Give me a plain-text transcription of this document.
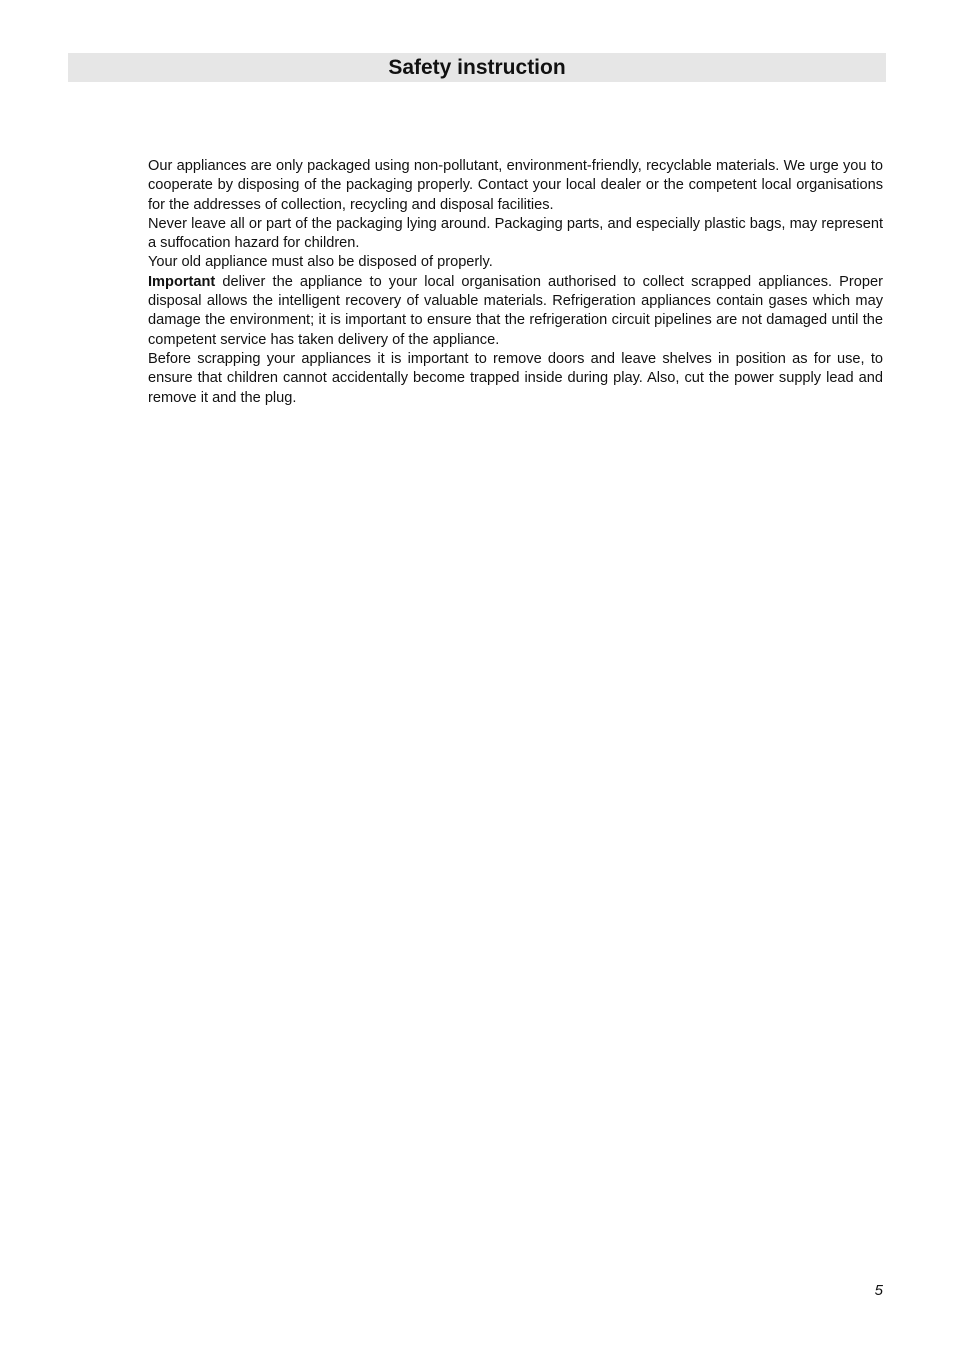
Safety instruction

Our appliances are only packaged using non-pollutant, environment-friendly, recyclable materials. We urge you to cooperate by disposing of the packaging properly. Contact your local dealer or the competent local organisations for the addresses of collection, recycling and disposal facilities.

Never leave all or part of the packaging lying around. Packaging parts, and especially plastic bags, may represent a suffocation hazard for children.

Your old appliance must also be disposed of properly.

Important deliver the appliance to your local organisation authorised to collect scrapped appliances. Proper disposal allows the intelligent recovery of valuable materials. Refrigeration appliances contain gases which may damage the environment; it is important to ensure that the refrigeration circuit pipelines are not damaged until the competent service has taken delivery of the appliance.

Before scrapping your appliances it is important to remove doors and leave shelves in position as for use, to ensure that children cannot accidentally become trapped inside during play. Also, cut the power supply lead and remove it and the plug.

5
